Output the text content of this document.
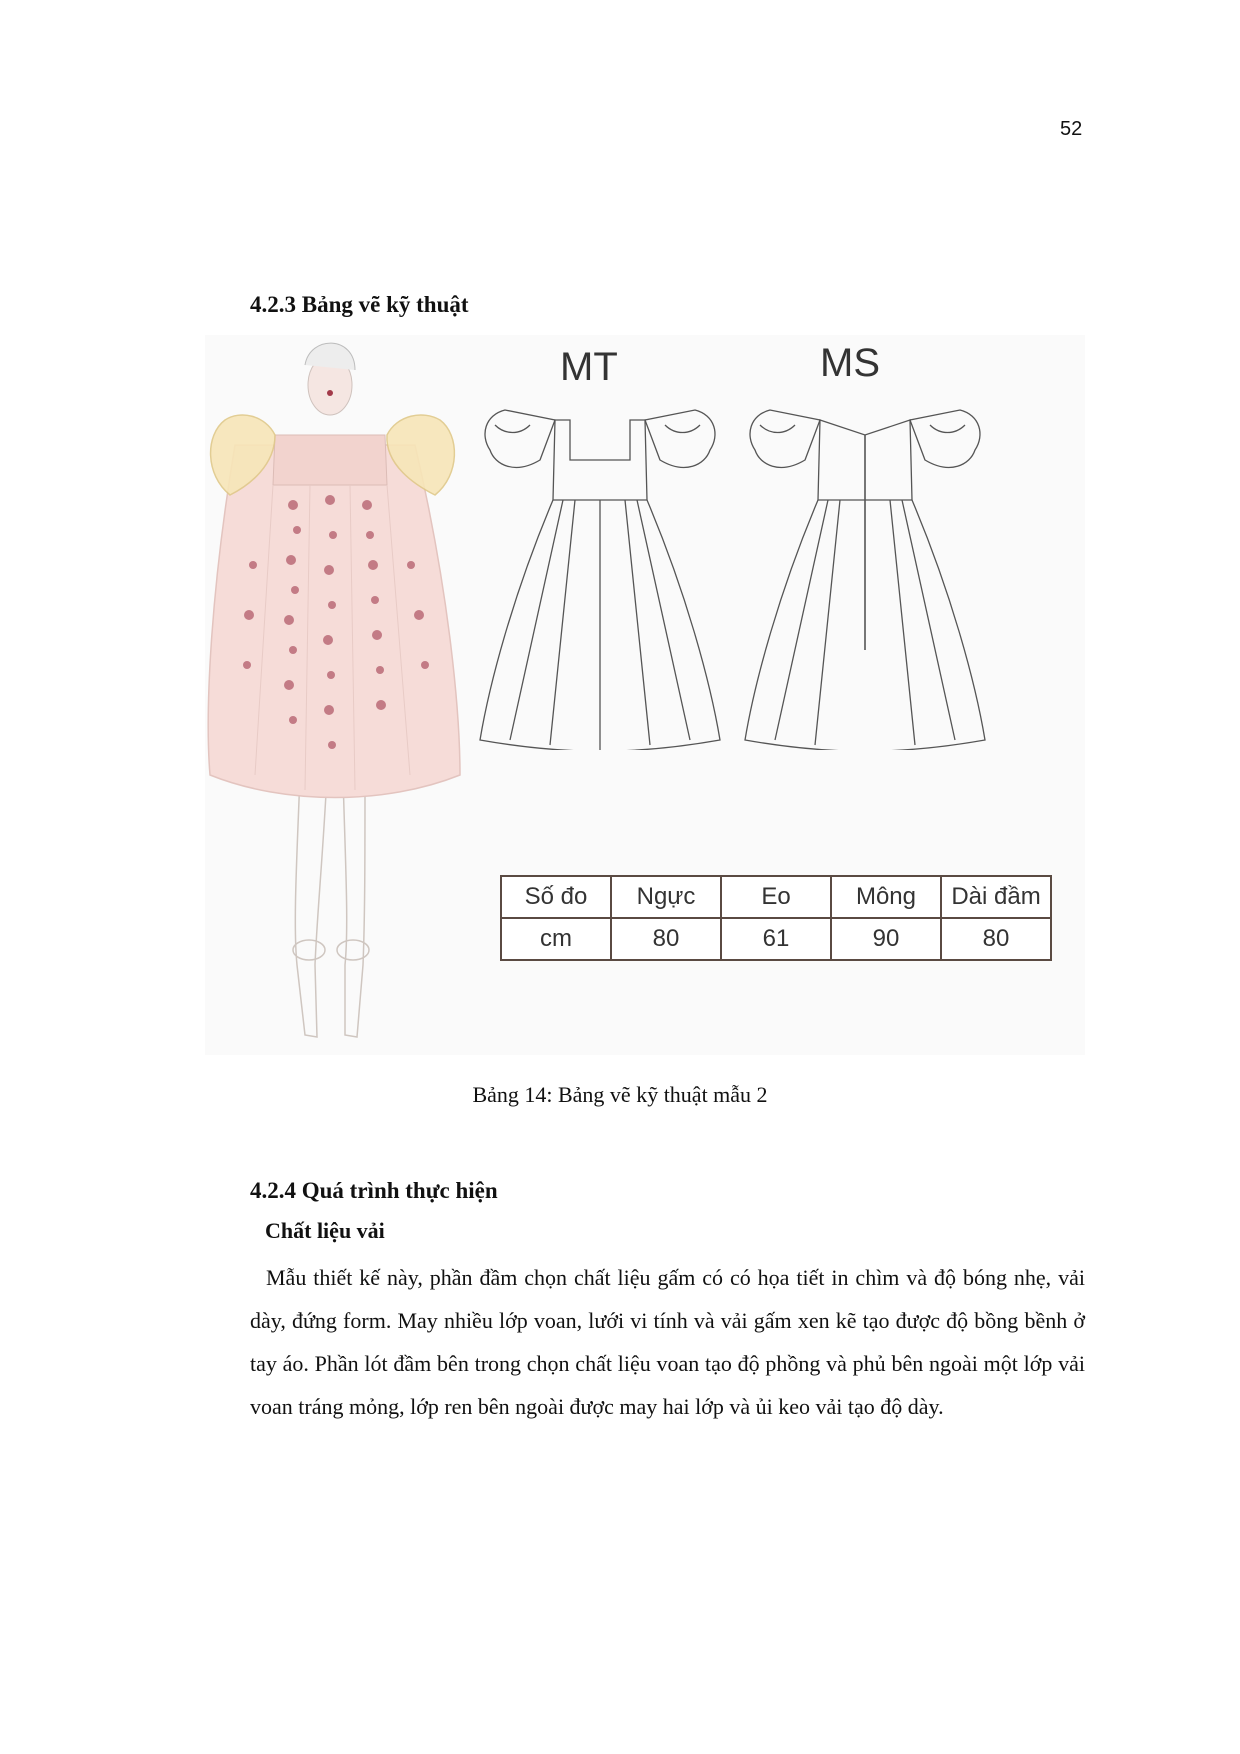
52
4.2.3 Bảng vẽ kỹ thuật
MT	MS
Số đo	Ngực	Eo	Mông	Dài đầm
cm	80	61	90	80
Bảng 14: Bảng vẽ kỹ thuật mẫu 2
4.2.4 Quá trình thực hiện
Chất liệu vải

Mẫu thiết kế này, phần đầm chọn chất liệu gấm có có họa tiết in chìm và độ bóng nhẹ, vải dày, đứng form. May nhiều lớp voan, lưới vi tính và vải gấm xen kẽ tạo được độ bồng bềnh ở tay áo. Phần lót đầm bên trong chọn chất liệu voan tạo độ phồng và phủ bên ngoài một lớp vải voan tráng mỏng, lớp ren bên ngoài được may hai lớp và ủi keo vải tạo độ dày.
